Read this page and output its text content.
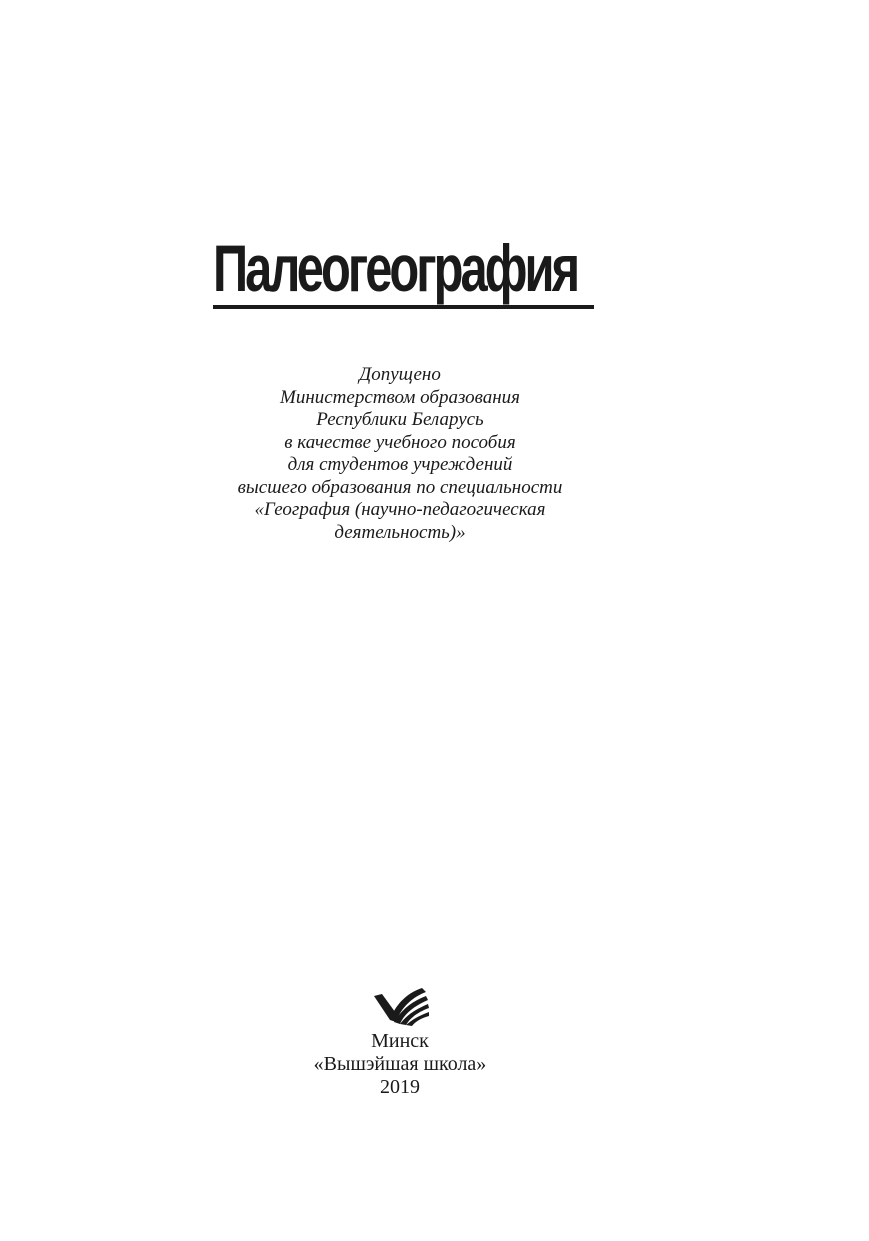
Палеогеография
Допущено
Министерством образования
Республики Беларусь
в качестве учебного пособия
для студентов учреждений
высшего образования по специальности
«География (научно-педагогическая
деятельность)»
Минск
«Вышэйшая школа»
2019
